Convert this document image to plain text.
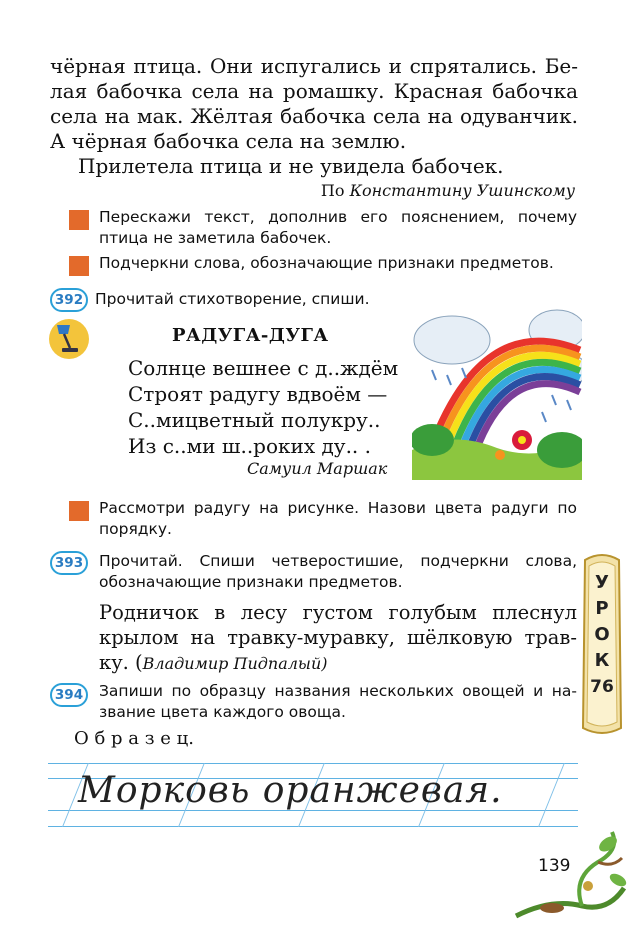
чёрная птица. Они испугались и спрятались. Бе-
лая бабочка села на ромашку. Красная бабочка
села на мак. Жёлтая бабочка села на одуванчик.
А чёрная бабочка села на землю.
Прилетела птица и не увидела бабочек.
По Константину Ушинскому
Перескажи текст, дополнив его пояснением, почему
птица не заметила бабочек.
Подчеркни слова, обозначающие признаки предметов.
392 Прочитай стихотворение, спиши.
РАДУГА-ДУГА
Солнце вешнее с д..ждём
Строят радугу вдвоём —
С..мицветный полукру..
Из с..ми ш..роких ду.. .
Самуил Маршак
Рассмотри радугу на рисунке. Назови цвета радуги по
порядку.
393	Прочитай. Спиши четверостишие, подчеркни слова,
обозначающие признаки предметов.
Родничок в лесу густом голубым плеснул
крылом на травку-муравку, шёлковую трав-
ку. (Владимир Пидпалый)
У
Р
О
К
76
394	Запиши по образцу названия нескольких овощей и на-
звание цвета каждого овоща.
О б р а з е ц.
Морковь оранжевая.
139
